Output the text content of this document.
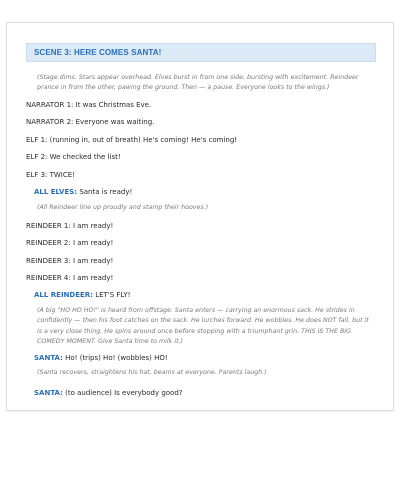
SCENE 3: HERE COMES SANTA!
(Stage dims. Stars appear overhead. Elves burst in from one side, bursting with excitement. Reindeer prance in from the other, pawing the ground. Then — a pause. Everyone looks to the wings.)
NARRATOR 1: It was Christmas Eve.
NARRATOR 2: Everyone was waiting.
ELF 1: (running in, out of breath) He's coming! He's coming!
ELF 2: We checked the list!
ELF 3: TWICE!
ALL ELVES: Santa is ready!
(All Reindeer line up proudly and stamp their hooves.)
REINDEER 1: I am ready!
REINDEER 2: I am ready!
REINDEER 3: I am ready!
REINDEER 4: I am ready!
ALL REINDEER: LET'S FLY!
(A big "HO HO HO!" is heard from offstage. Santa enters — carrying an enormous sack. He strides in confidently — then his foot catches on the sack. He lurches forward. He wobbles. He does NOT fall, but it is a very close thing. He spins around once before stopping with a triumphant grin. THIS IS THE BIG COMEDY MOMENT. Give Santa time to milk it.)
SANTA: Ho! (trips) Ho! (wobbles) HO!
(Santa recovers, straightens his hat, beams at everyone. Parents laugh.)
SANTA: (to audience) Is everybody good?
